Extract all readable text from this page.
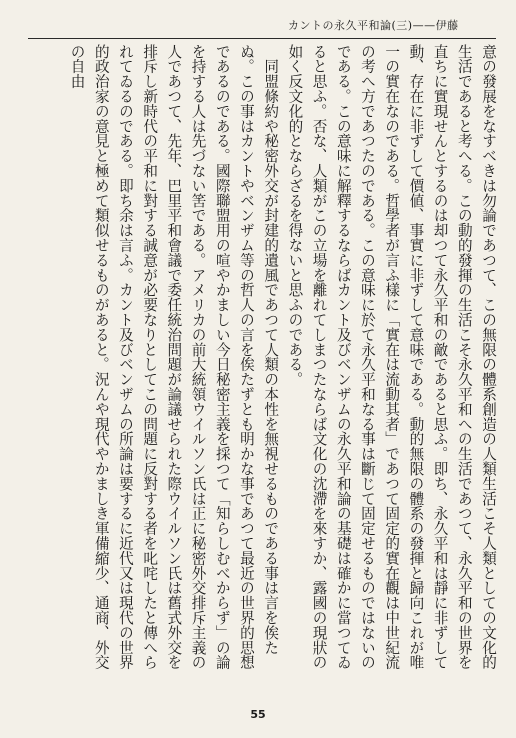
カントの永久平和論(三)——伊藤

意の發展をなすべきは勿論であつて、この無限の體系創造の人類生活こそ人類としての文化的生活であると考へる。この動的發揮の生活こそ永久平和への生活であつて、永久平和の世界を直ちに實現せんとするのは却つて永久平和の敵であると思ふ。即ち、永久平和は靜に非ずして動、存在に非ずして價値、事實に非ずして意味である。動的無限の體系の發揮と歸向これが唯一の實在なのである。哲學者が言ふ樣に「實在は流動其者」であつて固定的實在觀は中世紀流の考へ方であつたのである。この意味に於て永久平和なる事は斷じて固定せるものではないのである。この意味に解釋するならばカント及びベンザムの永久平和論の基礎は確かに當つてゐると思ふ。否な、人類がこの立場を離れてしまつたならば文化の沈滯を來すか、露國の現狀の如く反文化的とならざるを得ないと思ふのである。

　同盟條約や秘密外交が封建的遺風であつて人類の本性を無視せるものである事は言を俟たぬ。この事はカントやベンザム等の哲人の言を俟たずとも明かな事であつて最近の世界的思想であるのである。國際聯盟用の喧やかましい今日秘密主義を採つて「知らしむべからず」の論を持する人は先づない筈である。アメリカの前大統領ウイルソン氏は正に秘密外交排斥主義の人であつて、先年、巴里平和會議で委任統治問題が論議せられた際ウイルソン氏は舊式外交を排斥し新時代の平和に對する誠意が必要なりとしてこの問題に反對する者を叱咤したと傳へられてゐるのである。即ち余は言ふ。カント及びベンザムの所論は要するに近代又は現代の世界的政治家の意見と極めて類似せるものがあると。況んや現代やかましき軍備縮少、通商、外交の自由

55
